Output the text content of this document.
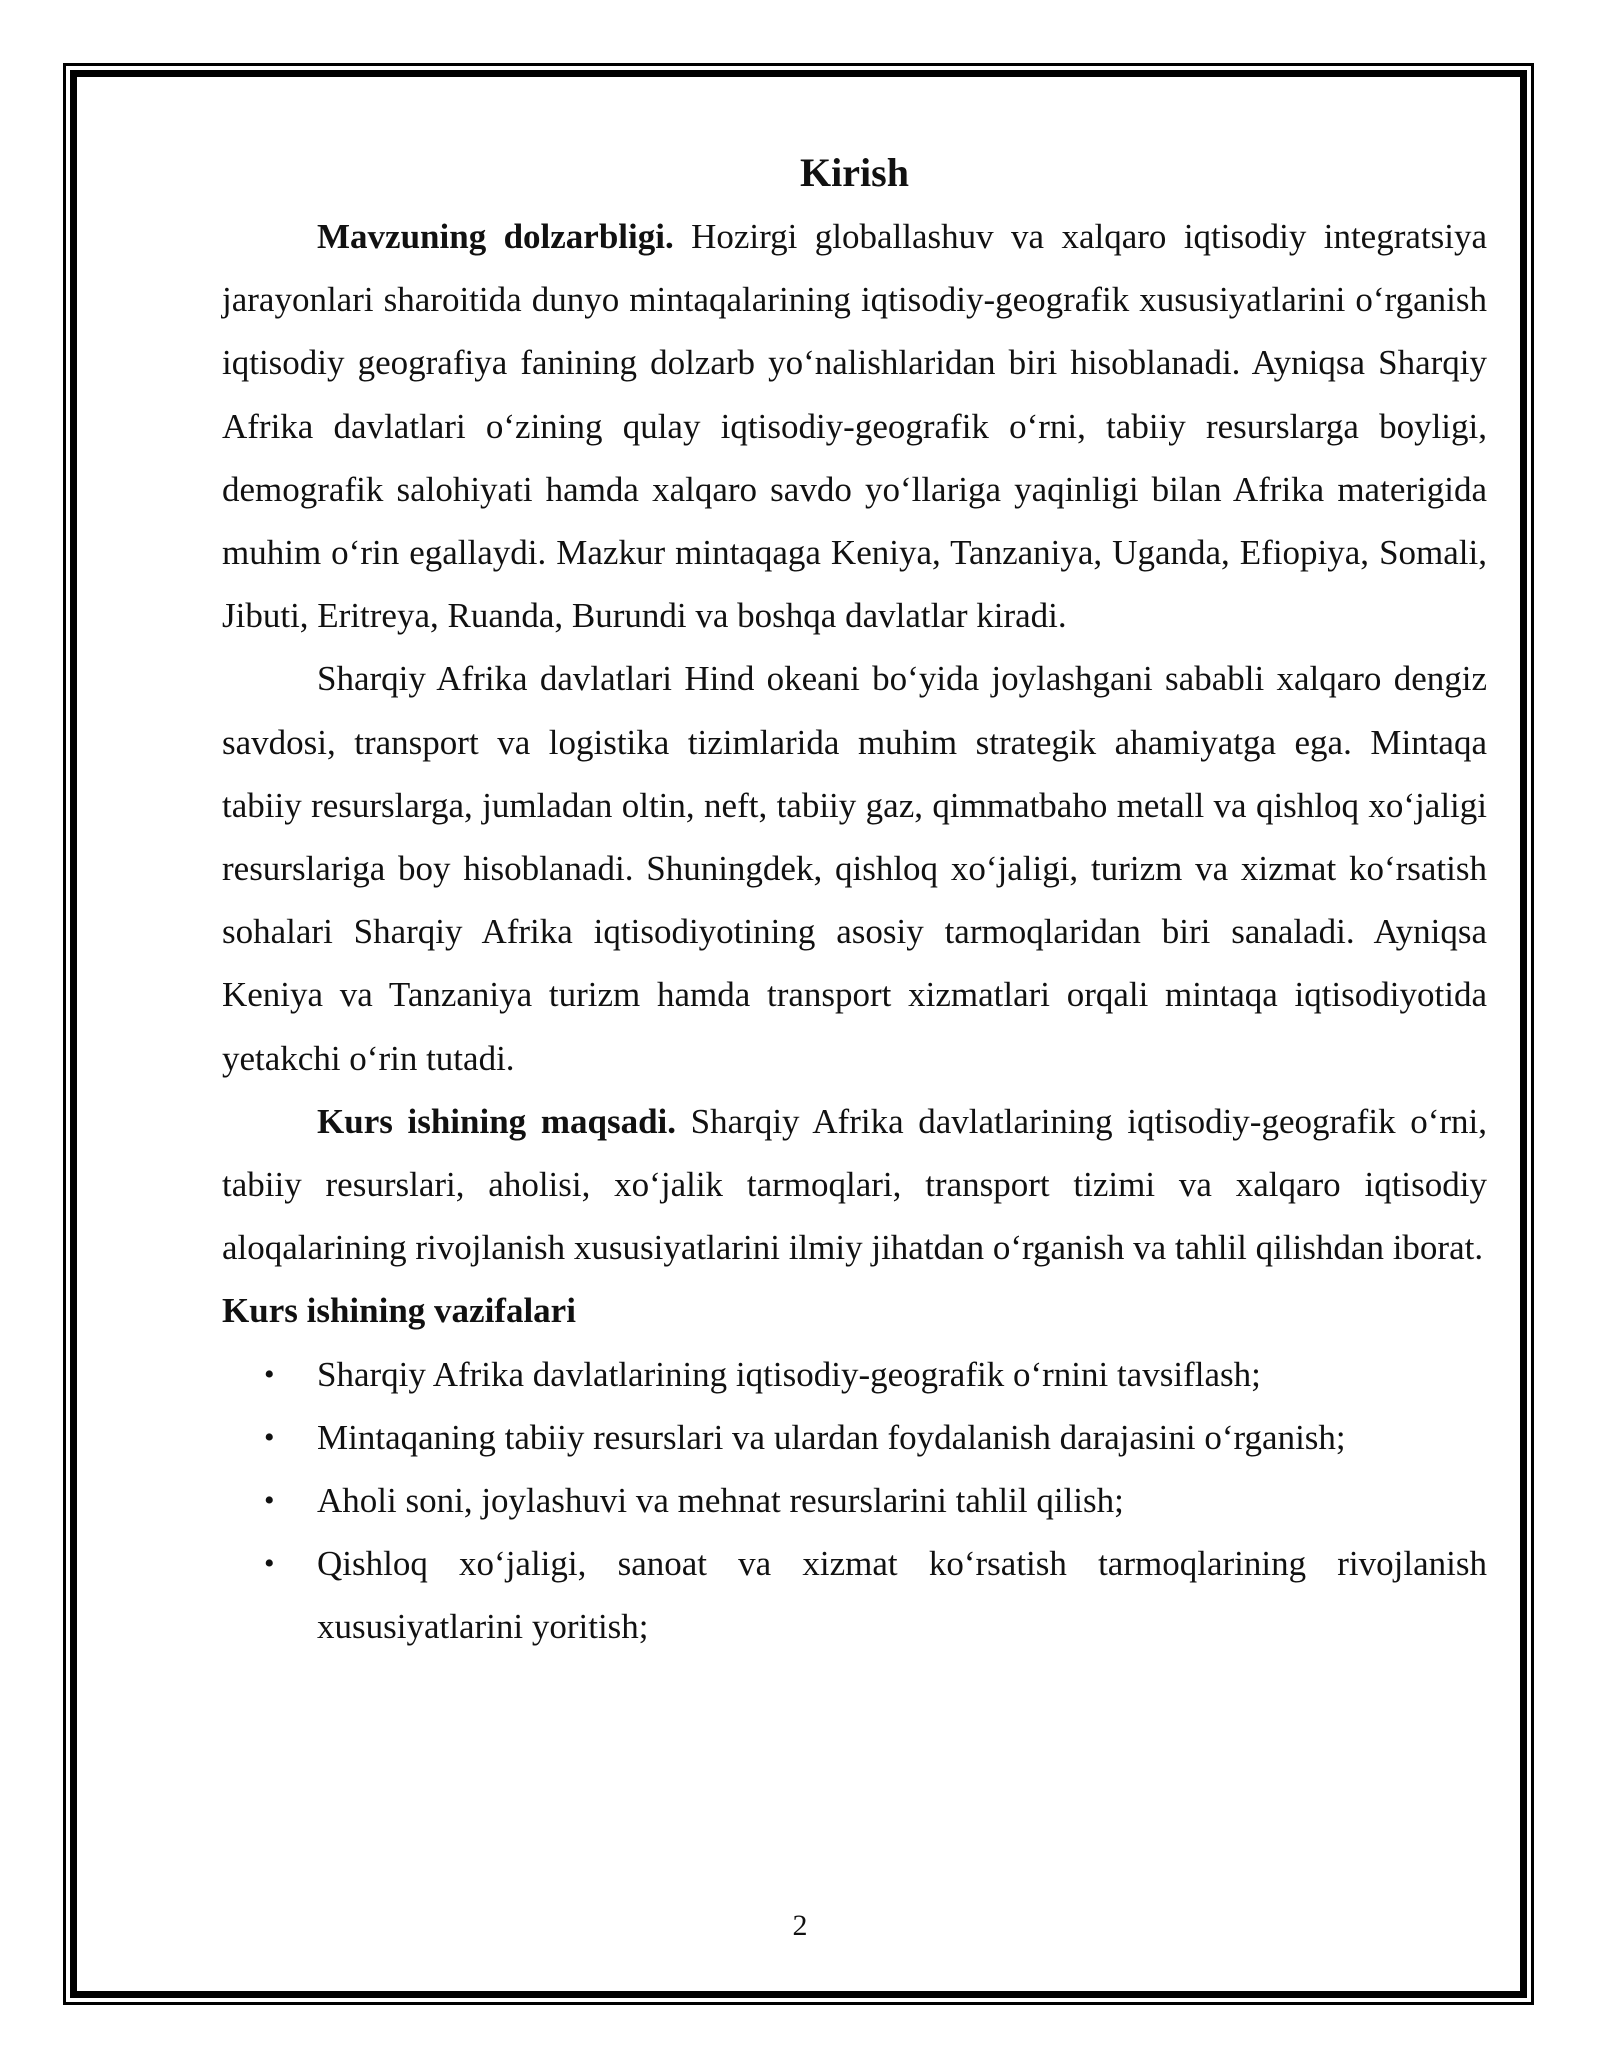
Kirish

Mavzuning dolzarbligi. Hozirgi globallashuv va xalqaro iqtisodiy integratsiya jarayonlari sharoitida dunyo mintaqalarining iqtisodiy-geografik xususiyatlarini o‘rganish iqtisodiy geografiya fanining dolzarb yo‘nalishlaridan biri hisoblanadi. Ayniqsa Sharqiy Afrika davlatlari o‘zining qulay iqtisodiy-geografik o‘rni, tabiiy resurslarga boyligi, demografik salohiyati hamda xalqaro savdo yo‘llariga yaqinligi bilan Afrika materigida muhim o‘rin egallaydi. Mazkur mintaqaga Keniya, Tanzaniya, Uganda, Efiopiya, Somali, Jibuti, Eritreya, Ruanda, Burundi va boshqa davlatlar kiradi.

Sharqiy Afrika davlatlari Hind okeani bo‘yida joylashgani sababli xalqaro dengiz savdosi, transport va logistika tizimlarida muhim strategik ahamiyatga ega. Mintaqa tabiiy resurslarga, jumladan oltin, neft, tabiiy gaz, qimmatbaho metall va qishloq xo‘jaligi resurslariga boy hisoblanadi. Shuningdek, qishloq xo‘jaligi, turizm va xizmat ko‘rsatish sohalari Sharqiy Afrika iqtisodiyotining asosiy tarmoqlaridan biri sanaladi. Ayniqsa Keniya va Tanzaniya turizm hamda transport xizmatlari orqali mintaqa iqtisodiyotida yetakchi o‘rin tutadi.

Kurs ishining maqsadi. Sharqiy Afrika davlatlarining iqtisodiy-geografik o‘rni, tabiiy resurslari, aholisi, xo‘jalik tarmoqlari, transport tizimi va xalqaro iqtisodiy aloqalarining rivojlanish xususiyatlarini ilmiy jihatdan o‘rganish va tahlil qilishdan iborat.

Kurs ishining vazifalari
• Sharqiy Afrika davlatlarining iqtisodiy-geografik o‘rnini tavsiflash;
• Mintaqaning tabiiy resurslari va ulardan foydalanish darajasini o‘rganish;
• Aholi soni, joylashuvi va mehnat resurslarini tahlil qilish;
• Qishloq xo‘jaligi, sanoat va xizmat ko‘rsatish tarmoqlarining rivojlanish xususiyatlarini yoritish;
2
